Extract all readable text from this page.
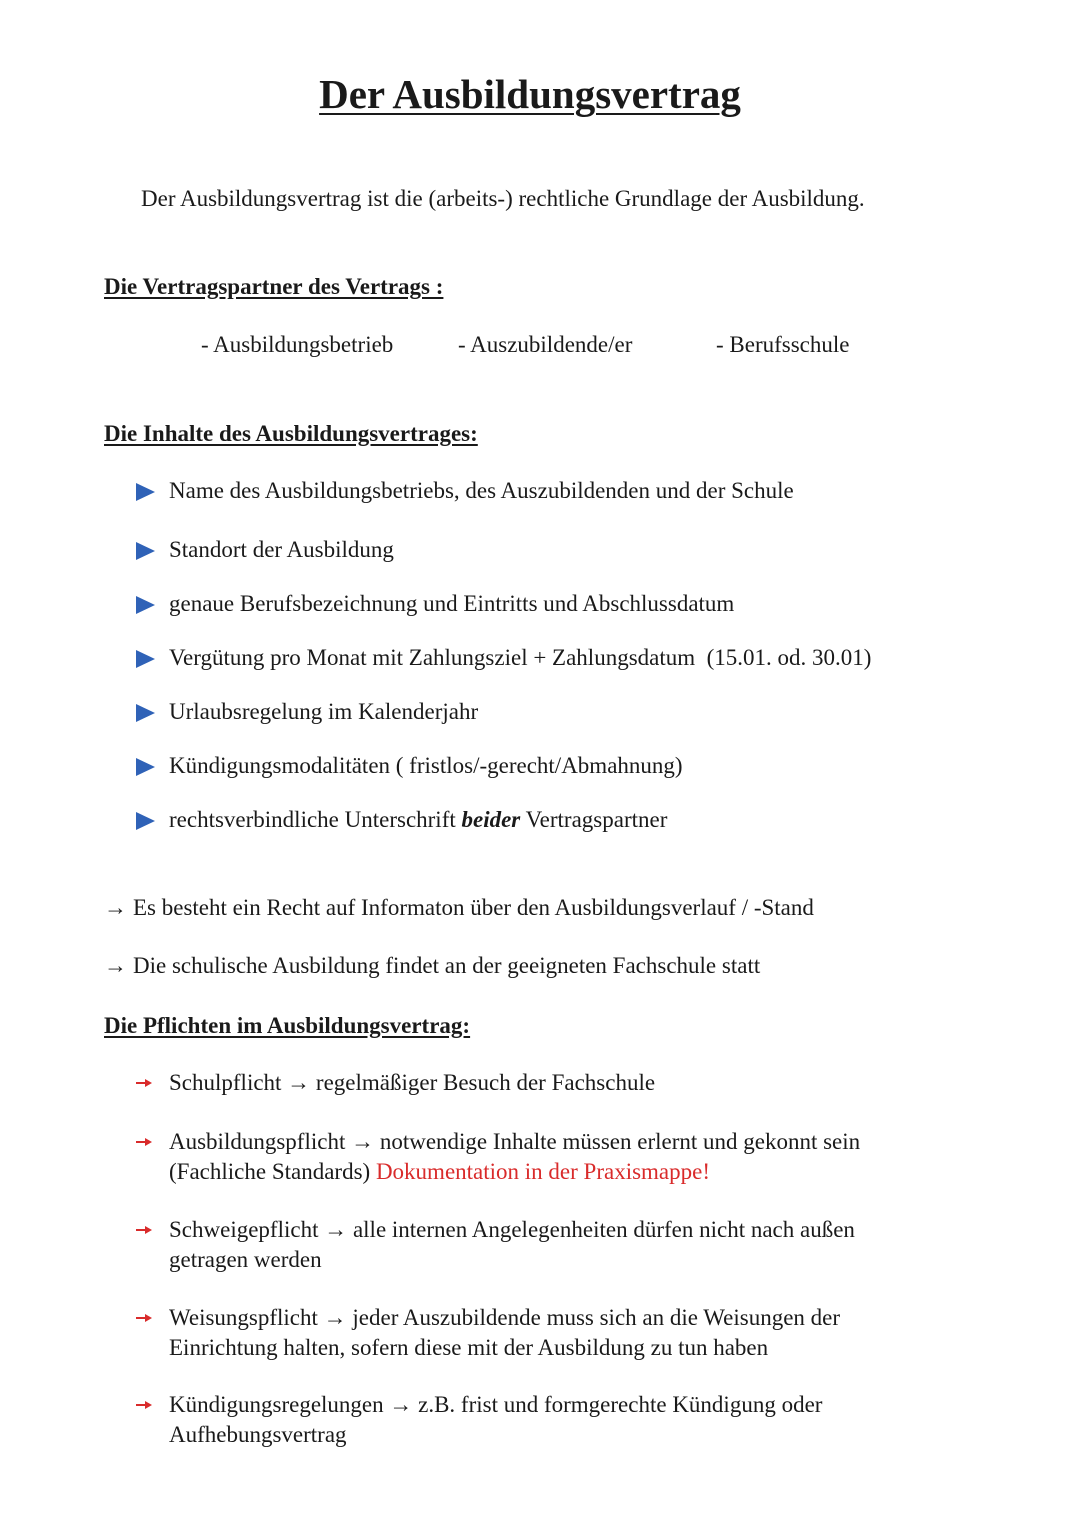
Der Ausbildungsvertrag

Der Ausbildungsvertrag ist die (arbeits-) rechtliche Grundlage der Ausbildung.

Die Vertragspartner des Vertrags :
- Ausbildungsbetrieb	- Auszubildende/er	- Berufsschule
Die Inhalte des Ausbildungsvertrages:
Name des Ausbildungsbetriebs, des Auszubildenden und der Schule
Standort der Ausbildung
genaue Berufsbezeichnung und Eintritts und Abschlussdatum
Vergütung pro Monat mit Zahlungsziel + Zahlungsdatum  (15.01. od. 30.01)
Urlaubsregelung im Kalenderjahr
Kündigungsmodalitäten ( fristlos/-gerecht/Abmahnung)
rechtsverbindliche Unterschrift beider Vertragspartner
→ Es besteht ein Recht auf Informaton über den Ausbildungsverlauf / -Stand
→ Die schulische Ausbildung findet an der geeigneten Fachschule statt
Die Pflichten im Ausbildungsvertrag:
Schulpflicht → regelmäßiger Besuch der Fachschule
Ausbildungspflicht → notwendige Inhalte müssen erlernt und gekonnt sein
(Fachliche Standards) Dokumentation in der Praxismappe!
Schweigepflicht → alle internen Angelegenheiten dürfen nicht nach außen
getragen werden
Weisungspflicht → jeder Auszubildende muss sich an die Weisungen der
Einrichtung halten, sofern diese mit der Ausbildung zu tun haben
Kündigungsregelungen → z.B. frist und formgerechte Kündigung oder
Aufhebungsvertrag
